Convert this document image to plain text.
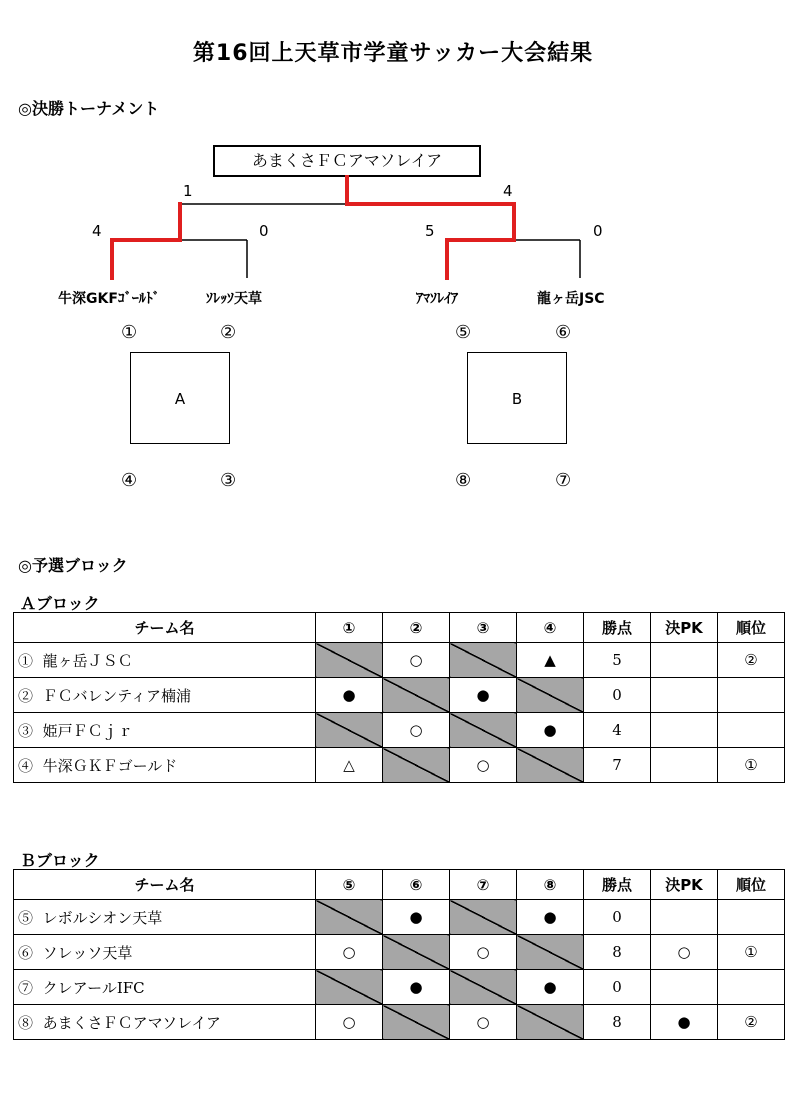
第16回上天草市学童サッカー大会結果
◎決勝トーナメント
あまくさＦＣアマソレイア
1	4
4	0	5	0
牛深GKFｺﾞｰﾙﾄﾞ	ｿﾚｯｿ天草	ｱﾏｿﾚｲｱ	龍ヶ岳JSC
①	②
A
④	③
⑤	⑥
B
⑧	⑦
◎予選ブロック
Ａブロック
チーム名	①	②	③	④	勝点	決PK	順位
① 龍ヶ岳ＪＳＣ		○		▲	5		②
② ＦＣバレンティア楠浦	●		●		0		
③ 姫戸ＦＣｊｒ		○		●	4		
④ 牛深ＧＫＦゴールド	△		○		7		①
Ｂブロック
チーム名	⑤	⑥	⑦	⑧	勝点	決PK	順位
⑤ レボルシオン天草		●		●	0		
⑥ ソレッソ天草	○		○		8	○	①
⑦ クレアールIFC		●		●	0		
⑧ あまくさＦＣアマソレイア	○		○		8	●	②
